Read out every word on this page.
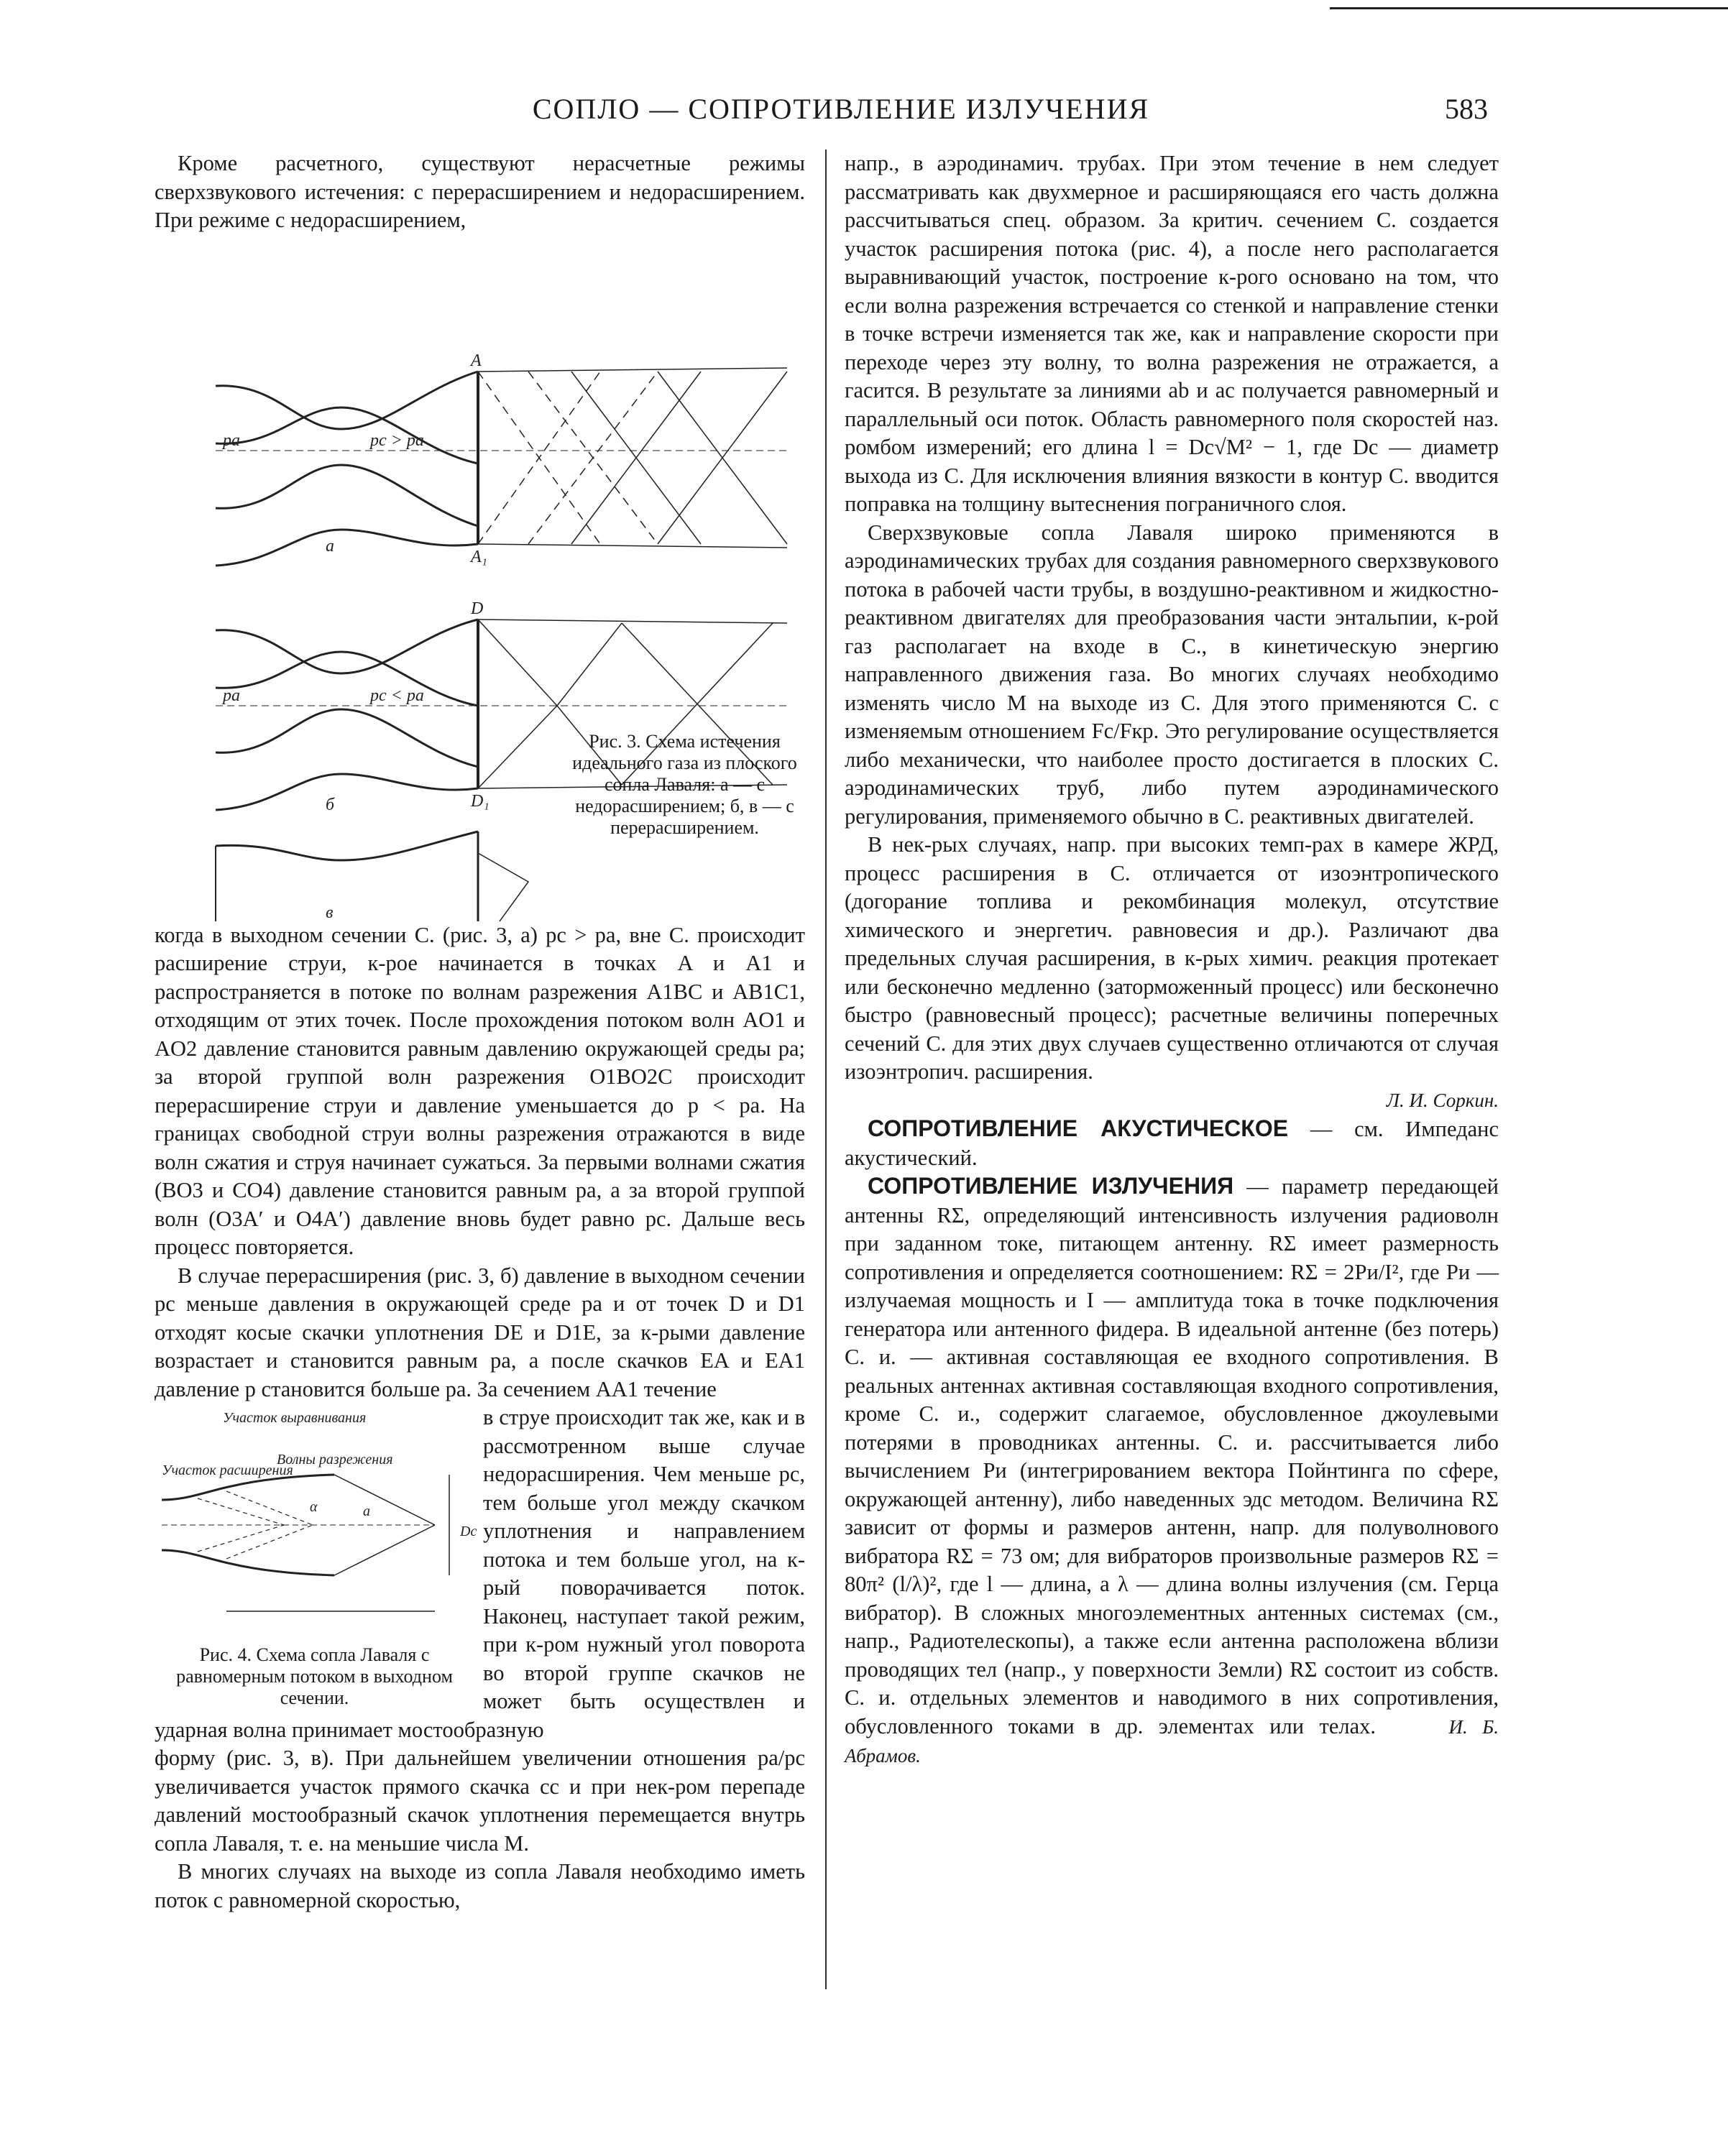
СОПЛО — СОПРОТИВЛЕНИЕ ИЗЛУЧЕНИЯ	583

Кроме расчетного, существуют нерасчетные режимы сверхзвукового истечения: с перерасширением и недорасширением. При режиме с недорасширением,

A
A₁
a
D
D₁
б
pc > pa
pc < pa
pa
pa
в
Рис. 3. Схема истечения идеального газа из плоского сопла Лаваля: а — с недорасширением; б, в — с перерасширением.

когда в выходном сечении С. (рис. 3, а) pc > pa, вне С. происходит расширение струи, к-рое начинается в точках A и A1 и распространяется в потоке по волнам разрежения A1BC и AB1C1, отходящим от этих точек. После прохождения потоком волн AO1 и AO2 давление становится равным давлению окружающей среды pa; за второй группой волн разрежения O1BO2C происходит перерасширение струи и давление уменьшается до p < pa. На границах свободной струи волны разрежения отражаются в виде волн сжатия и струя начинает сужаться. За первыми волнами сжатия (BO3 и CO4) давление становится равным pa, а за второй группой волн (O3A′ и O4A′) давление вновь будет равно pc. Дальше весь процесс повторяется.

В случае перерасширения (рис. 3, б) давление в выходном сечении pc меньше давления в окружающей среде pa и от точек D и D1 отходят косые скачки уплотнения DE и D1E, за к-рыми давление возрастает и становится равным pa, а после скачков EA и EA1 давление p становится больше pa. За сечением AA1 течение

Участок выравнивания
Участок расширения
Волны разрежения
a
α
Dc
Рис. 4. Схема сопла Лаваля с равномерным потоком в выходном сечении.

в струе происходит так же, как и в рассмотренном выше случае недорасширения. Чем меньше pc, тем больше угол между скачком уплотнения и направлением потока и тем больше угол, на к-рый поворачивается поток. Наконец, наступает такой режим, при к-ром нужный угол поворота во второй группе скачков не может быть осуществлен и ударная волна принимает мостообразную

форму (рис. 3, в). При дальнейшем увеличении отношения pa/pc увеличивается участок прямого скачка cc и при нек-ром перепаде давлений мостообразный скачок уплотнения перемещается внутрь сопла Лаваля, т. е. на меньшие числа M.

В многих случаях на выходе из сопла Лаваля необходимо иметь поток с равномерной скоростью,

напр., в аэродинамич. трубах. При этом течение в нем следует рассматривать как двухмерное и расширяющаяся его часть должна рассчитываться спец. образом. За критич. сечением С. создается участок расширения потока (рис. 4), а после него располагается выравнивающий участок, построение к-рого основано на том, что если волна разрежения встречается со стенкой и направление стенки в точке встречи изменяется так же, как и направление скорости при переходе через эту волну, то волна разрежения не отражается, а гасится. В результате за линиями ab и ac получается равномерный и параллельный оси поток. Область равномерного поля скоростей наз. ромбом измерений; его длина l = Dc√M² − 1, где Dc — диаметр выхода из С. Для исключения влияния вязкости в контур С. вводится поправка на толщину вытеснения пограничного слоя.

Сверхзвуковые сопла Лаваля широко применяются в аэродинамических трубах для создания равномерного сверхзвукового потока в рабочей части трубы, в воздушно-реактивном и жидкостно-реактивном двигателях для преобразования части энтальпии, к-рой газ располагает на входе в С., в кинетическую энергию направленного движения газа. Во многих случаях необходимо изменять число M на выходе из С. Для этого применяются С. с изменяемым отношением Fc/Fкр. Это регулирование осуществляется либо механически, что наиболее просто достигается в плоских С. аэродинамических труб, либо путем аэродинамического регулирования, применяемого обычно в С. реактивных двигателей.

В нек-рых случаях, напр. при высоких темп-рах в камере ЖРД, процесс расширения в С. отличается от изоэнтропического (догорание топлива и рекомбинация молекул, отсутствие химического и энергетич. равновесия и др.). Различают два предельных случая расширения, в к-рых химич. реакция протекает или бесконечно медленно (заторможенный процесс) или бесконечно быстро (равновесный процесс); расчетные величины поперечных сечений С. для этих двух случаев существенно отличаются от случая изоэнтропич. расширения.

Л. И. Соркин.

СОПРОТИВЛЕНИЕ АКУСТИЧЕСКОЕ — см. Импеданс акустический.

СОПРОТИВЛЕНИЕ ИЗЛУЧЕНИЯ — параметр передающей антенны RΣ, определяющий интенсивность излучения радиоволн при заданном токе, питающем антенну. RΣ имеет размерность сопротивления и определяется соотношением: RΣ = 2Pи/I², где Pи — излучаемая мощность и I — амплитуда тока в точке подключения генератора или антенного фидера. В идеальной антенне (без потерь) С. и. — активная составляющая ее входного сопротивления. В реальных антеннах активная составляющая входного сопротивления, кроме С. и., содержит слагаемое, обусловленное джоулевыми потерями в проводниках антенны. С. и. рассчитывается либо вычислением Pи (интегрированием вектора Пойнтинга по сфере, окружающей антенну), либо наведенных эдс методом. Величина RΣ зависит от формы и размеров антенн, напр. для полуволнового вибратора RΣ = 73 ом; для вибраторов произвольные размеров RΣ = 80π² (l/λ)², где l — длина, а λ — длина волны излучения (см. Герца вибратор). В сложных многоэлементных антенных системах (см., напр., Радиотелескопы), а также если антенна расположена вблизи проводящих тел (напр., у поверхности Земли) RΣ состоит из собств. С. и. отдельных элементов и наводимого в них сопротивления, обусловленного токами в др. элементах или телах.	И. Б. Абрамов.
